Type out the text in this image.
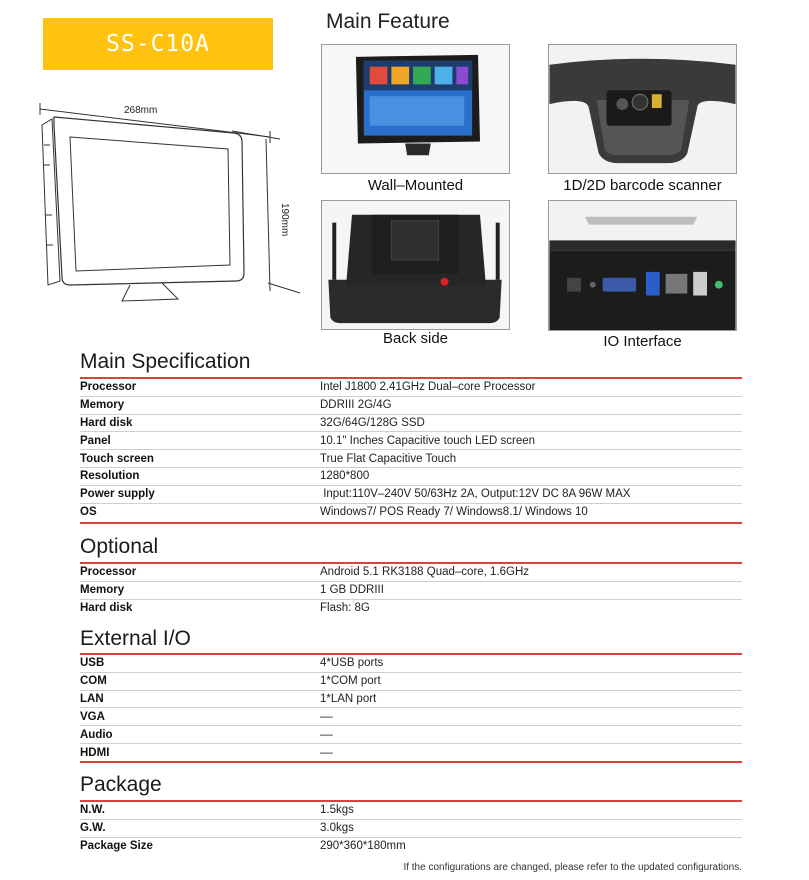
SS-C10A
268mm
190mm
Main Feature
Wall–Mounted	1D/2D barcode scanner
Back side	IO Interface
Main Specification
Processor	Intel J1800 2.41GHz Dual–core Processor
Memory	DDRIII 2G/4G
Hard disk	32G/64G/128G SSD
Panel	10.1" Inches Capacitive touch LED screen
Touch screen	True Flat Capacitive Touch
Resolution	1280*800
Power supply	Input:110V–240V 50/63Hz 2A, Output:12V DC 8A 96W MAX
OS	Windows7/ POS Ready 7/ Windows8.1/ Windows 10
Optional
Processor	Android 5.1 RK3188 Quad–core, 1.6GHz
Memory	1 GB DDRIII
Hard disk	Flash: 8G
External I/O
USB	4*USB ports
COM	1*COM port
LAN	1*LAN port
VGA	––
Audio	––
HDMI	––
Package
N.W.	1.5kgs
G.W.	3.0kgs
Package Size	290*360*180mm
If the configurations are changed, please refer to the updated configurations.
